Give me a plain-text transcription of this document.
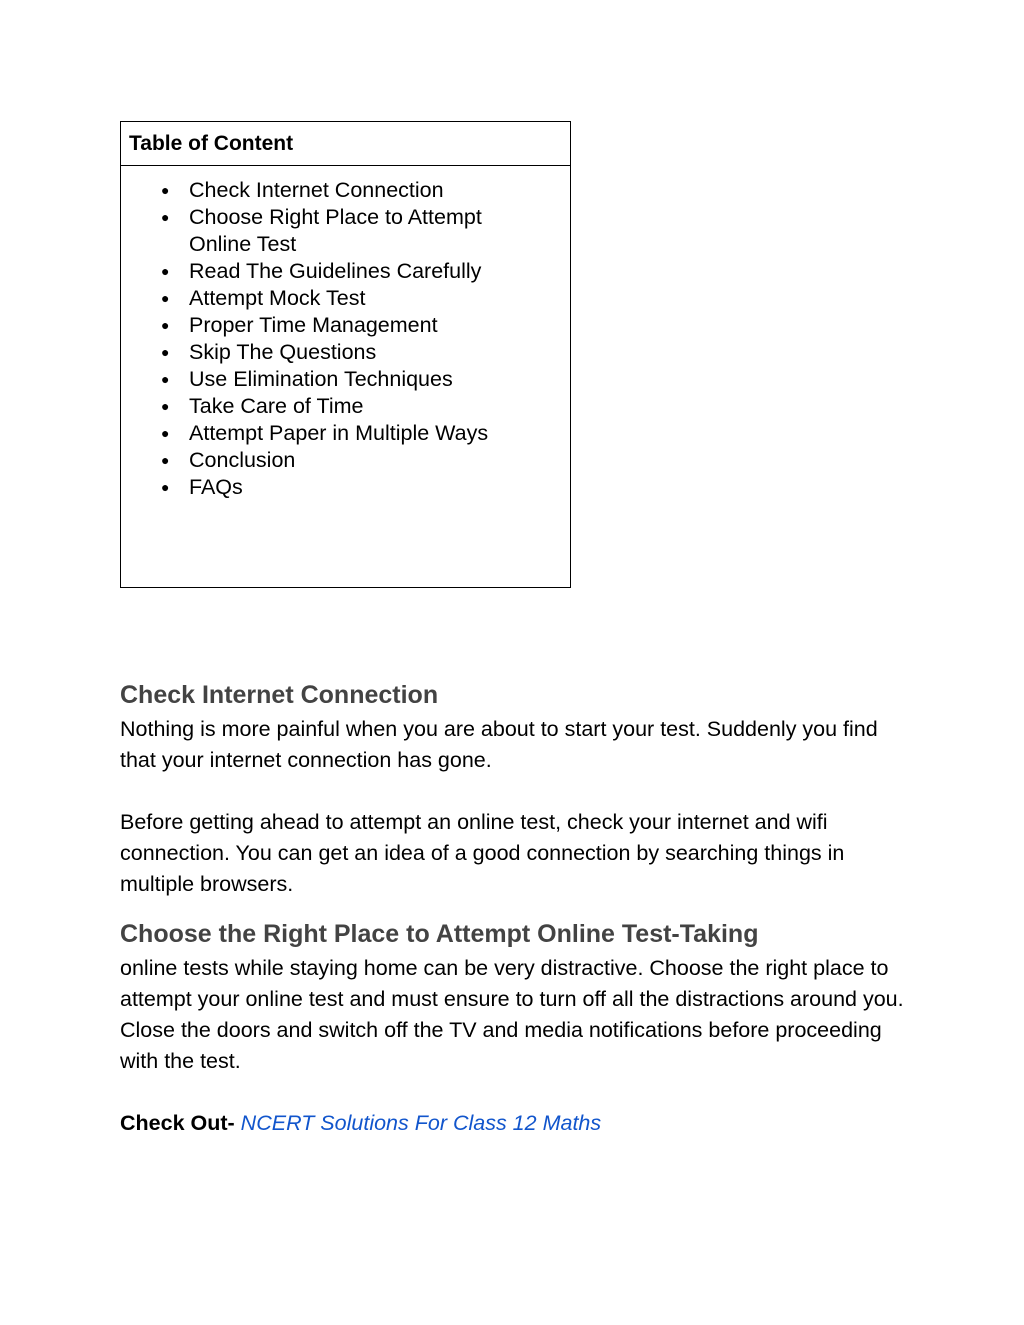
Table of Content
● Check Internet Connection
● Choose Right Place to Attempt Online Test
● Read The Guidelines Carefully
● Attempt Mock Test
● Proper Time Management
● Skip The Questions
● Use Elimination Techniques
● Take Care of Time
● Attempt Paper in Multiple Ways
● Conclusion
● FAQs
Check Internet Connection

Nothing is more painful when you are about to start your test. Suddenly you find that your internet connection has gone.

Before getting ahead to attempt an online test, check your internet and wifi connection. You can get an idea of a good connection by searching things in multiple browsers.

Choose the Right Place to Attempt Online Test-Taking

online tests while staying home can be very distractive. Choose the right place to attempt your online test and must ensure to turn off all the distractions around you. Close the doors and switch off the TV and media notifications before proceeding with the test.

Check Out- NCERT Solutions For Class 12 Maths
